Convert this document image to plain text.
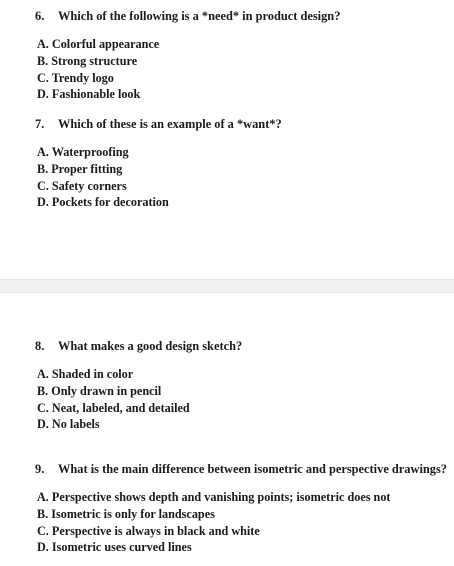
6. Which of the following is a *need* in product design?
A. Colorful appearance
B. Strong structure
C. Trendy logo
D. Fashionable look
7. Which of these is an example of a *want*?
A. Waterproofing
B. Proper fitting
C. Safety corners
D. Pockets for decoration
8. What makes a good design sketch?
A. Shaded in color
B. Only drawn in pencil
C. Neat, labeled, and detailed
D. No labels
9. What is the main difference between isometric and perspective drawings?
A. Perspective shows depth and vanishing points; isometric does not
B. Isometric is only for landscapes
C. Perspective is always in black and white
D. Isometric uses curved lines
